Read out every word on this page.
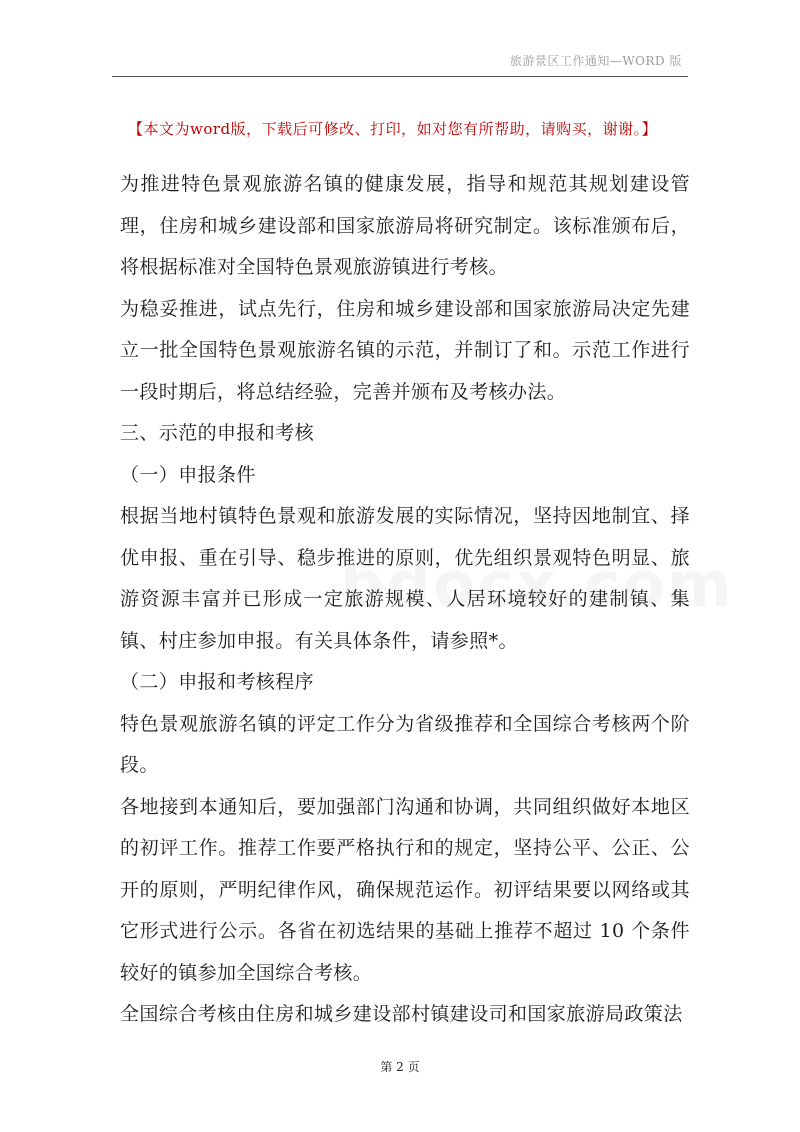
旅游景区工作通知—WORD 版
【本文为word版，下载后可修改、打印，如对您有所帮助，请购买，谢谢。】

为推进特色景观旅游名镇的健康发展，指导和规范其规划建设管理，住房和城乡建设部和国家旅游局将研究制定。该标准颁布后，将根据标准对全国特色景观旅游镇进行考核。

为稳妥推进，试点先行，住房和城乡建设部和国家旅游局决定先建立一批全国特色景观旅游名镇的示范，并制订了和。示范工作进行一段时期后，将总结经验，完善并颁布及考核办法。

三、示范的申报和考核

（一）申报条件

根据当地村镇特色景观和旅游发展的实际情况，坚持因地制宜、择优申报、重在引导、稳步推进的原则，优先组织景观特色明显、旅游资源丰富并已形成一定旅游规模、人居环境较好的建制镇、集镇、村庄参加申报。有关具体条件，请参照*。

（二）申报和考核程序

特色景观旅游名镇的评定工作分为省级推荐和全国综合考核两个阶段。

各地接到本通知后，要加强部门沟通和协调，共同组织做好本地区的初评工作。推荐工作要严格执行和的规定，坚持公平、公正、公开的原则，严明纪律作风，确保规范运作。初评结果要以网络或其它形式进行公示。各省在初选结果的基础上推荐不超过 10 个条件较好的镇参加全国综合考核。

全国综合考核由住房和城乡建设部村镇建设司和国家旅游局政策法

第 2 页
